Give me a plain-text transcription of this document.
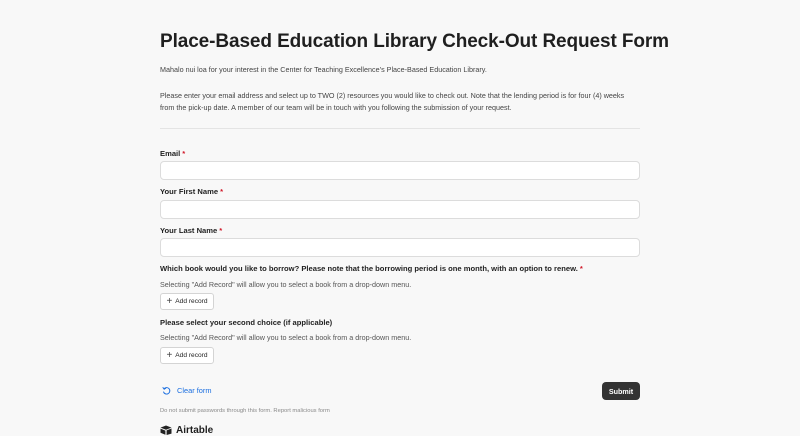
Place-Based Education Library Check-Out Request Form
Mahalo nui loa for your interest in the Center for Teaching Excellence’s Place-Based Education Library.
Please enter your email address and select up to TWO (2) resources you would like to check out. Note that the lending period is for four (4) weeks from the pick-up date. A member of our team will be in touch with you following the submission of your request.
Email *
Your First Name *
Your Last Name *
Which book would you like to borrow? Please note that the borrowing period is one month, with an option to renew. *
Selecting "Add Record" will allow you to select a book from a drop-down menu.
+ Add record
Please select your second choice (if applicable)
Selecting "Add Record" will allow you to select a book from a drop-down menu.
+ Add record
Clear form	Submit
Do not submit passwords through this form. Report malicious form
Airtable
